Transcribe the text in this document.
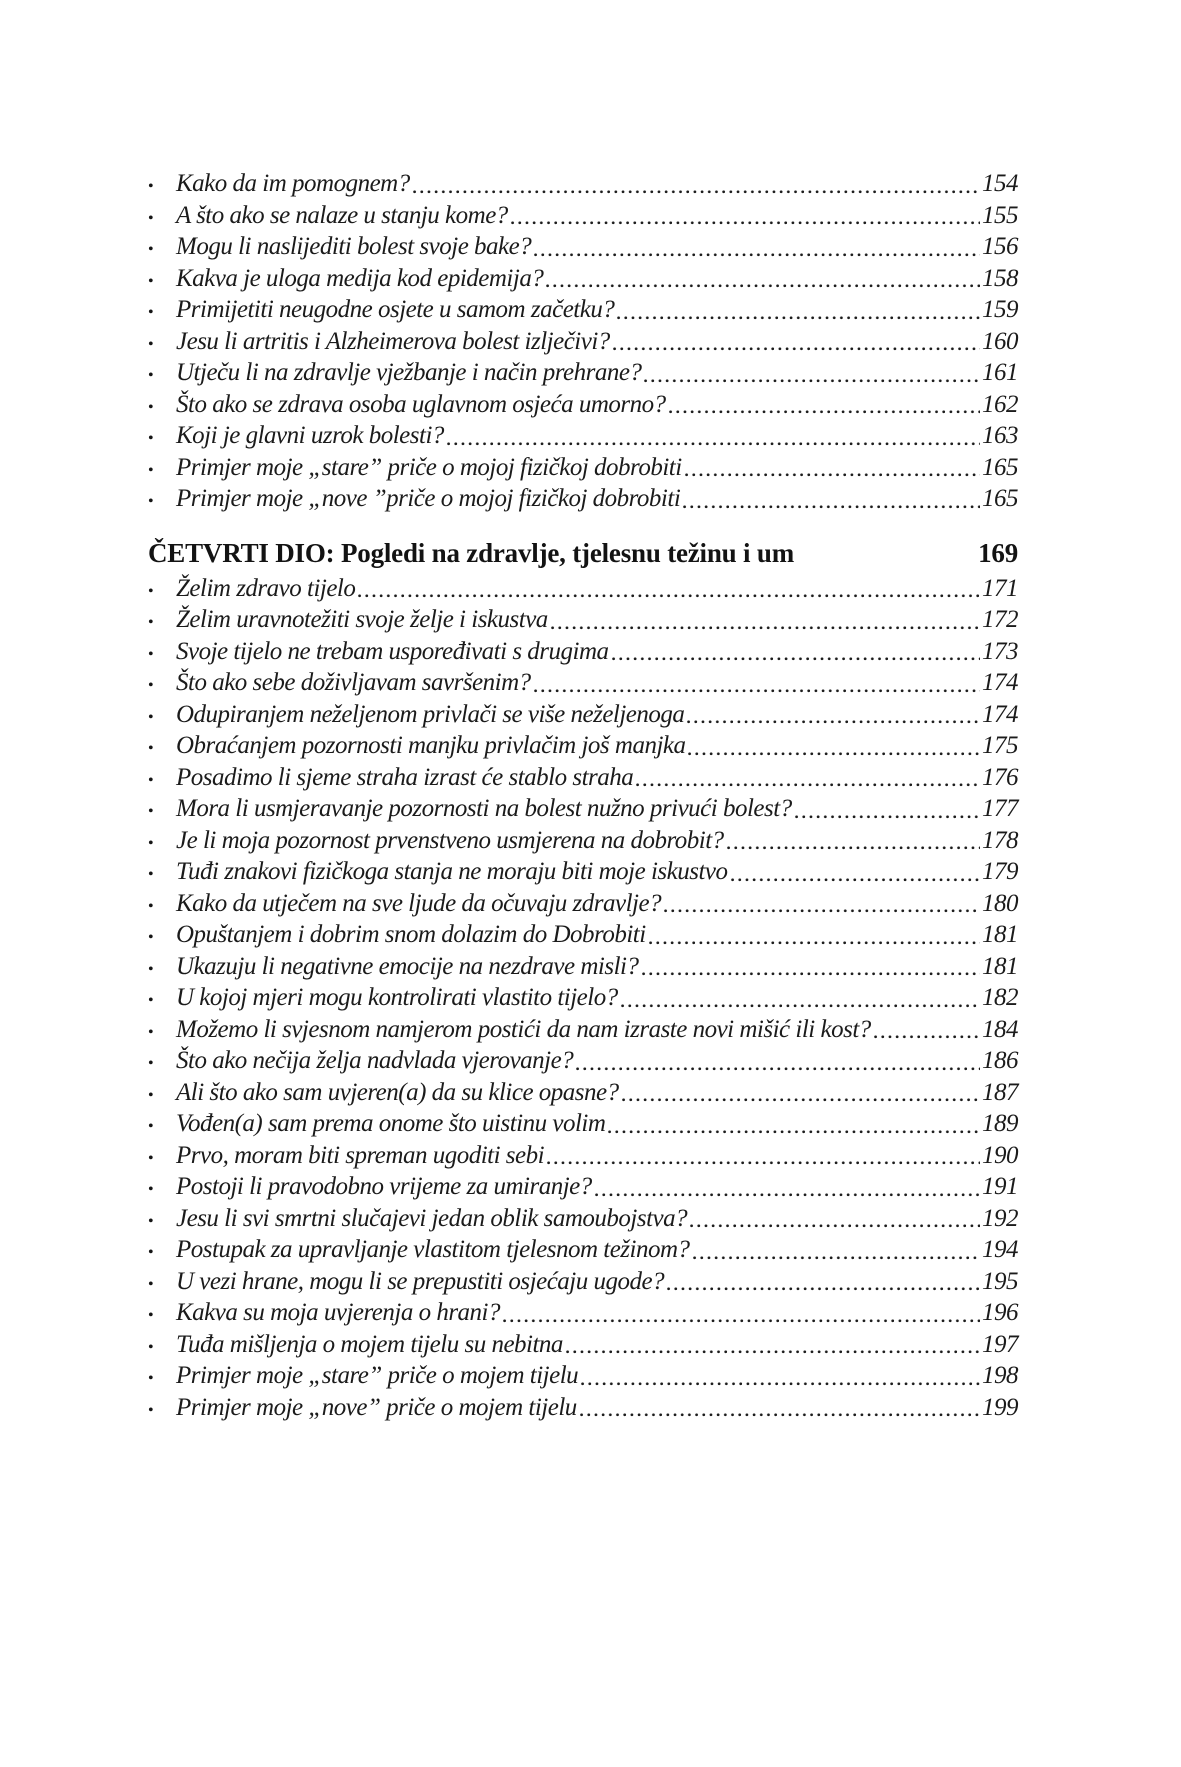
• Kako da im pomognem?	154
• A što ako se nalaze u stanju kome?	155
• Mogu li naslijediti bolest svoje bake?	156
• Kakva je uloga medija kod epidemija?	158
• Primijetiti neugodne osjete u samom začetku?	159
• Jesu li artritis i Alzheimerova bolest izlječivi?	160
• Utječu li na zdravlje vježbanje i način prehrane?	161
• Što ako se zdrava osoba uglavnom osjeća umorno?	162
• Koji je glavni uzrok bolesti?	163
• Primjer moje „stare” priče o mojoj fizičkoj dobrobiti	165
• Primjer moje „nove ”priče o mojoj fizičkoj dobrobiti	165
ČETVRTI DIO: Pogledi na zdravlje, tjelesnu težinu i um	169
• Želim zdravo tijelo	171
• Želim uravnotežiti svoje želje i iskustva	172
• Svoje tijelo ne trebam uspoređivati s drugima	173
• Što ako sebe doživljavam savršenim?	174
• Odupiranjem neželjenom privlači se više neželjenoga	174
• Obraćanjem pozornosti manjku privlačim još manjka	175
• Posadimo li sjeme straha izrast će stablo straha	176
• Mora li usmjeravanje pozornosti na bolest nužno privući bolest?	177
• Je li moja pozornost prvenstveno usmjerena na dobrobit?	178
• Tuđi znakovi fizičkoga stanja ne moraju biti moje iskustvo	179
• Kako da utječem na sve ljude da očuvaju zdravlje?	180
• Opuštanjem i dobrim snom dolazim do Dobrobiti	181
• Ukazuju li negativne emocije na nezdrave misli?	181
• U kojoj mjeri mogu kontrolirati vlastito tijelo?	182
• Možemo li svjesnom namjerom postići da nam izraste novi mišić ili kost?	184
• Što ako nečija želja nadvlada vjerovanje?	186
• Ali što ako sam uvjeren(a) da su klice opasne?	187
• Vođen(a) sam prema onome što uistinu volim	189
• Prvo, moram biti spreman ugoditi sebi	190
• Postoji li pravodobno vrijeme za umiranje?	191
• Jesu li svi smrtni slučajevi jedan oblik samoubojstva?	192
• Postupak za upravljanje vlastitom tjelesnom težinom?	194
• U vezi hrane, mogu li se prepustiti osjećaju ugode?	195
• Kakva su moja uvjerenja o hrani?	196
• Tuđa mišljenja o mojem tijelu su nebitna	197
• Primjer moje „stare” priče o mojem tijelu	198
• Primjer moje „nove” priče o mojem tijelu	199
